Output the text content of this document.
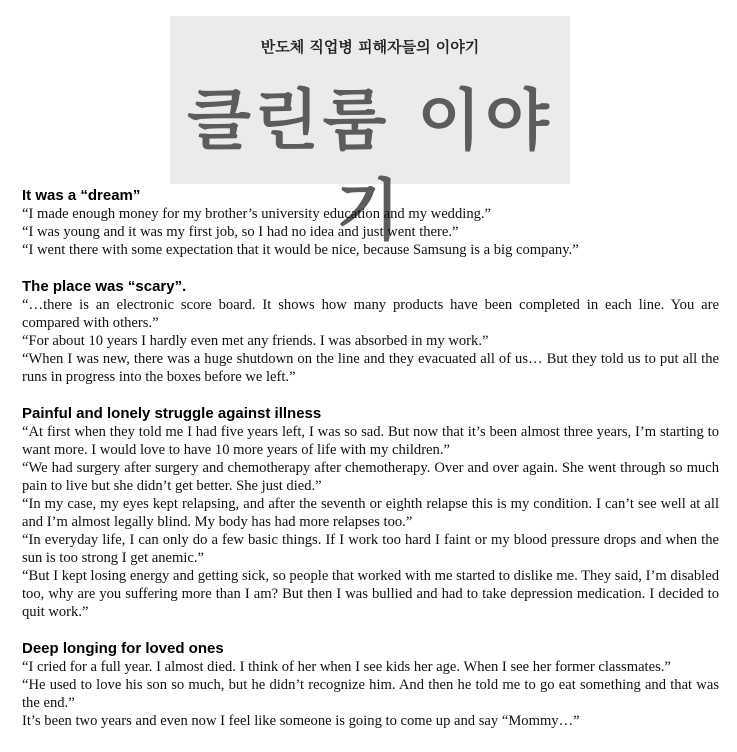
반도체 직업병 피해자들의 이야기
클린룸 이야기

It was a “dream”

“I made enough money for my brother’s university education and my wedding.”

“I was young and it was my first job, so I had no idea and just went there.”

“I went there with some expectation that it would be nice, because Samsung is a big company.”

The place was “scary”.

“…there is an electronic score board. It shows how many products have been completed in each line. You are compared with others.”

“For about 10 years I hardly even met any friends. I was absorbed in my work.”

“When I was new, there was a huge shutdown on the line and they evacuated all of us… But they told us to put all the runs in progress into the boxes before we left.”

Painful and lonely struggle against illness

“At first when they told me I had five years left, I was so sad. But now that it’s been almost three years, I’m starting to want more. I would love to have 10 more years of life with my children.”

“We had surgery after surgery and chemotherapy after chemotherapy. Over and over again. She went through so much pain to live but she didn’t get better. She just died.”

“In my case, my eyes kept relapsing, and after the seventh or eighth relapse this is my condition. I can’t see well at all and I’m almost legally blind. My body has had more relapses too.”

“In everyday life, I can only do a few basic things. If I work too hard I faint or my blood pressure drops and when the sun is too strong I get anemic.”

“But I kept losing energy and getting sick, so people that worked with me started to dislike me. They said, I’m disabled too, why are you suffering more than I am? But then I was bullied and had to take depression medication. I decided to quit work.”

Deep longing for loved ones

“I cried for a full year. I almost died. I think of her when I see kids her age. When I see her former classmates.”

“He used to love his son so much, but he didn’t recognize him. And then he told me to go eat something and that was the end.”

It’s been two years and even now I feel like someone is going to come up and say “Mommy…”
